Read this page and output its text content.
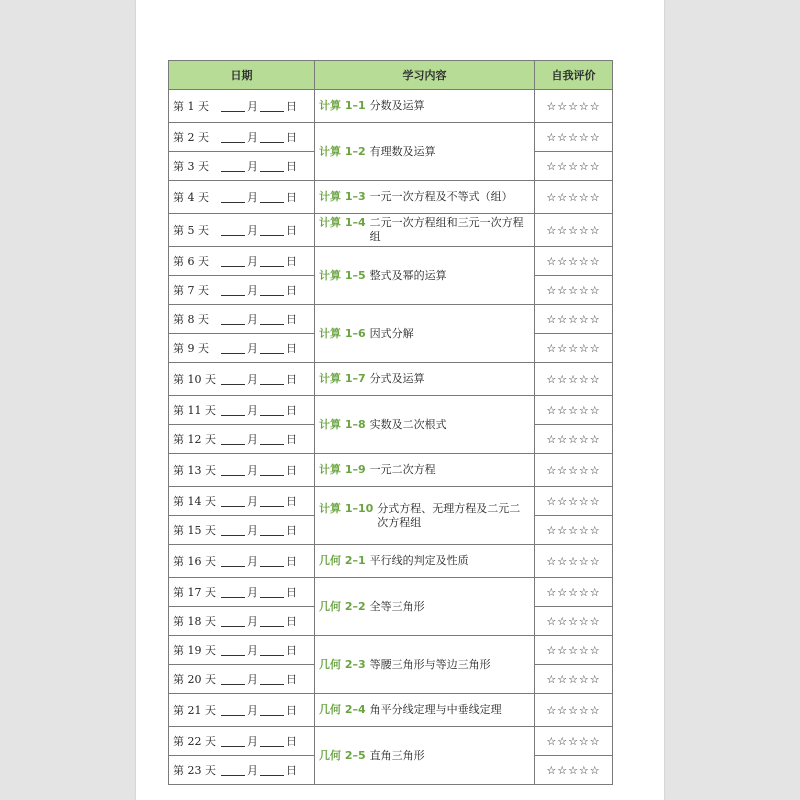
日期	学习内容	自我评价
第 1 天 月 日	计算 1–1 分数及运算	☆☆☆☆☆
第 2 天 月 日	计算 1–2 有理数及运算	☆☆☆☆☆
第 3 天 月 日		☆☆☆☆☆
第 4 天 月 日	计算 1–3 一元一次方程及不等式（组）	☆☆☆☆☆
第 5 天 月 日	计算 1–4 二元一次方程组和三元一次方程组	☆☆☆☆☆
第 6 天 月 日	计算 1–5 整式及幂的运算	☆☆☆☆☆
第 7 天 月 日		☆☆☆☆☆
第 8 天 月 日	计算 1–6 因式分解	☆☆☆☆☆
第 9 天 月 日		☆☆☆☆☆
第 10 天 月 日	计算 1–7 分式及运算	☆☆☆☆☆
第 11 天 月 日	计算 1–8 实数及二次根式	☆☆☆☆☆
第 12 天 月 日		☆☆☆☆☆
第 13 天 月 日	计算 1–9 一元二次方程	☆☆☆☆☆
第 14 天 月 日	计算 1–10 分式方程、无理方程及二元二次方程组	☆☆☆☆☆
第 15 天 月 日		☆☆☆☆☆
第 16 天 月 日	几何 2–1 平行线的判定及性质	☆☆☆☆☆
第 17 天 月 日	几何 2–2 全等三角形	☆☆☆☆☆
第 18 天 月 日		☆☆☆☆☆
第 19 天 月 日	几何 2–3 等腰三角形与等边三角形	☆☆☆☆☆
第 20 天 月 日		☆☆☆☆☆
第 21 天 月 日	几何 2–4 角平分线定理与中垂线定理	☆☆☆☆☆
第 22 天 月 日	几何 2–5 直角三角形	☆☆☆☆☆
第 23 天 月 日		☆☆☆☆☆
